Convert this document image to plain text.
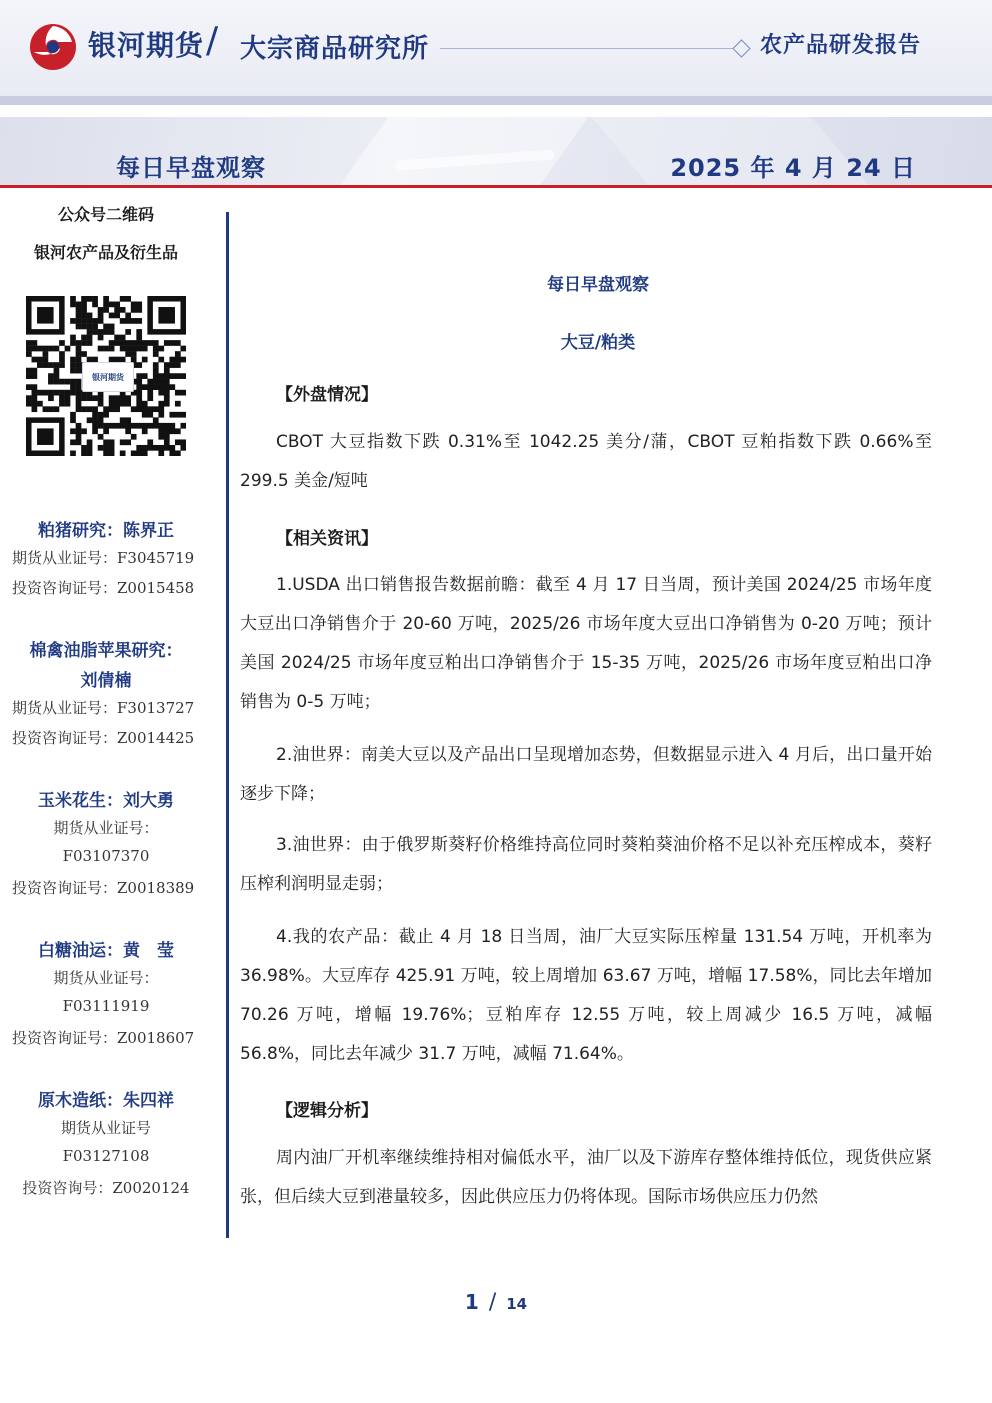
银河期货 / 大宗商品研究所	农产品研发报告
每日早盘观察	2025 年 4 月 24 日
公众号二维码
银河农产品及衍生品
银河期货
粕猪研究：陈界正
期货从业证号：F3045719
投资咨询证号：Z0015458
棉禽油脂苹果研究：
刘倩楠
期货从业证号：F3013727
投资咨询证号：Z0014425
玉米花生：刘大勇
期货从业证号：
F03107370
投资咨询证号：Z0018389
白糖油运：黄　莹
期货从业证号：
F03111919
投资咨询证号：Z0018607
原木造纸：朱四祥
期货从业证号
F03127108
投资咨询号：Z0020124
每日早盘观察
大豆/粕类
【外盘情况】

CBOT 大豆指数下跌 0.31%至 1042.25 美分/蒲，CBOT 豆粕指数下跌 0.66%至 299.5 美金/短吨

【相关资讯】

1.USDA 出口销售报告数据前瞻：截至 4 月 17 日当周，预计美国 2024/25 市场年度大豆出口净销售介于 20-60 万吨，2025/26 市场年度大豆出口净销售为 0-20 万吨；预计美国 2024/25 市场年度豆粕出口净销售介于 15-35 万吨，2025/26 市场年度豆粕出口净销售为 0-5 万吨；

2.油世界：南美大豆以及产品出口呈现增加态势，但数据显示进入 4 月后，出口量开始逐步下降；

3.油世界：由于俄罗斯葵籽价格维持高位同时葵粕葵油价格不足以补充压榨成本，葵籽压榨利润明显走弱；

4.我的农产品：截止 4 月 18 日当周，油厂大豆实际压榨量 131.54 万吨，开机率为 36.98%。大豆库存 425.91 万吨，较上周增加 63.67 万吨，增幅 17.58%，同比去年增加 70.26 万吨，增幅 19.76%；豆粕库存 12.55 万吨，较上周减少 16.5 万吨，减幅 56.8%，同比去年减少 31.7 万吨，减幅 71.64%。

【逻辑分析】

周内油厂开机率继续维持相对偏低水平，油厂以及下游库存整体维持低位，现货供应紧张，但后续大豆到港量较多，因此供应压力仍将体现。国际市场供应压力仍然

1 / 14
